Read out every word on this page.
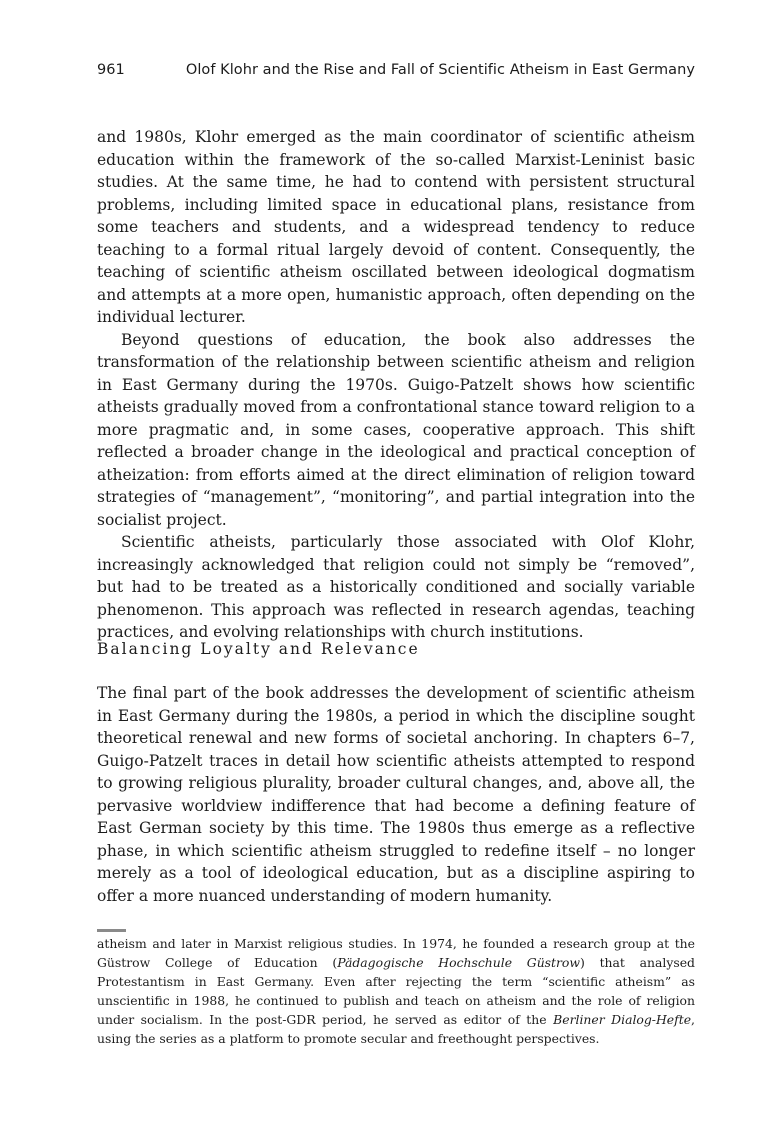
961	Olof Klohr and the Rise and Fall of Scientific Atheism in East Germany

and 1980s, Klohr emerged as the main coordinator of scientific atheism education within the framework of the so-called Marxist-Leninist basic studies. At the same time, he had to contend with persistent structural problems, including limited space in educational plans, resistance from some teachers and students, and a widespread tendency to reduce teaching to a formal ritual largely devoid of content. Consequently, the teaching of scientific atheism oscillated between ideological dogmatism and attempts at a more open, humanistic approach, often depending on the individual lecturer.

Beyond questions of education, the book also addresses the transformation of the relationship between scientific atheism and religion in East Germany during the 1970s. Guigo-Patzelt shows how scientific atheists gradually moved from a confrontational stance toward religion to a more pragmatic and, in some cases, cooperative approach. This shift reflected a broader change in the ideological and practical conception of atheization: from efforts aimed at the direct elimination of religion toward strategies of “management”, “monitoring”, and partial integration into the socialist project.

Scientific atheists, particularly those associated with Olof Klohr, increasingly acknowledged that religion could not simply be “removed”, but had to be treated as a historically conditioned and socially variable phenomenon. This approach was reflected in research agendas, teaching practices, and evolving relationships with church institutions.

Balancing Loyalty and Relevance

The final part of the book addresses the development of scientific atheism in East Germany during the 1980s, a period in which the discipline sought theoretical renewal and new forms of societal anchoring. In chapters 6–7, Guigo-Patzelt traces in detail how scientific atheists attempted to respond to growing religious plurality, broader cultural changes, and, above all, the pervasive worldview indifference that had become a defining feature of East German society by this time. The 1980s thus emerge as a reflective phase, in which scientific atheism struggled to redefine itself – no longer merely as a tool of ideological education, but as a discipline aspiring to offer a more nuanced understanding of modern humanity.

atheism and later in Marxist religious studies. In 1974, he founded a research group at the Güstrow College of Education (Pädagogische Hochschule Güstrow) that analysed Protestantism in East Germany. Even after rejecting the term “scientific atheism” as unscientific in 1988, he continued to publish and teach on atheism and the role of religion under socialism. In the post-GDR period, he served as editor of the Berliner Dialog-Hefte, using the series as a platform to promote secular and freethought perspectives.
